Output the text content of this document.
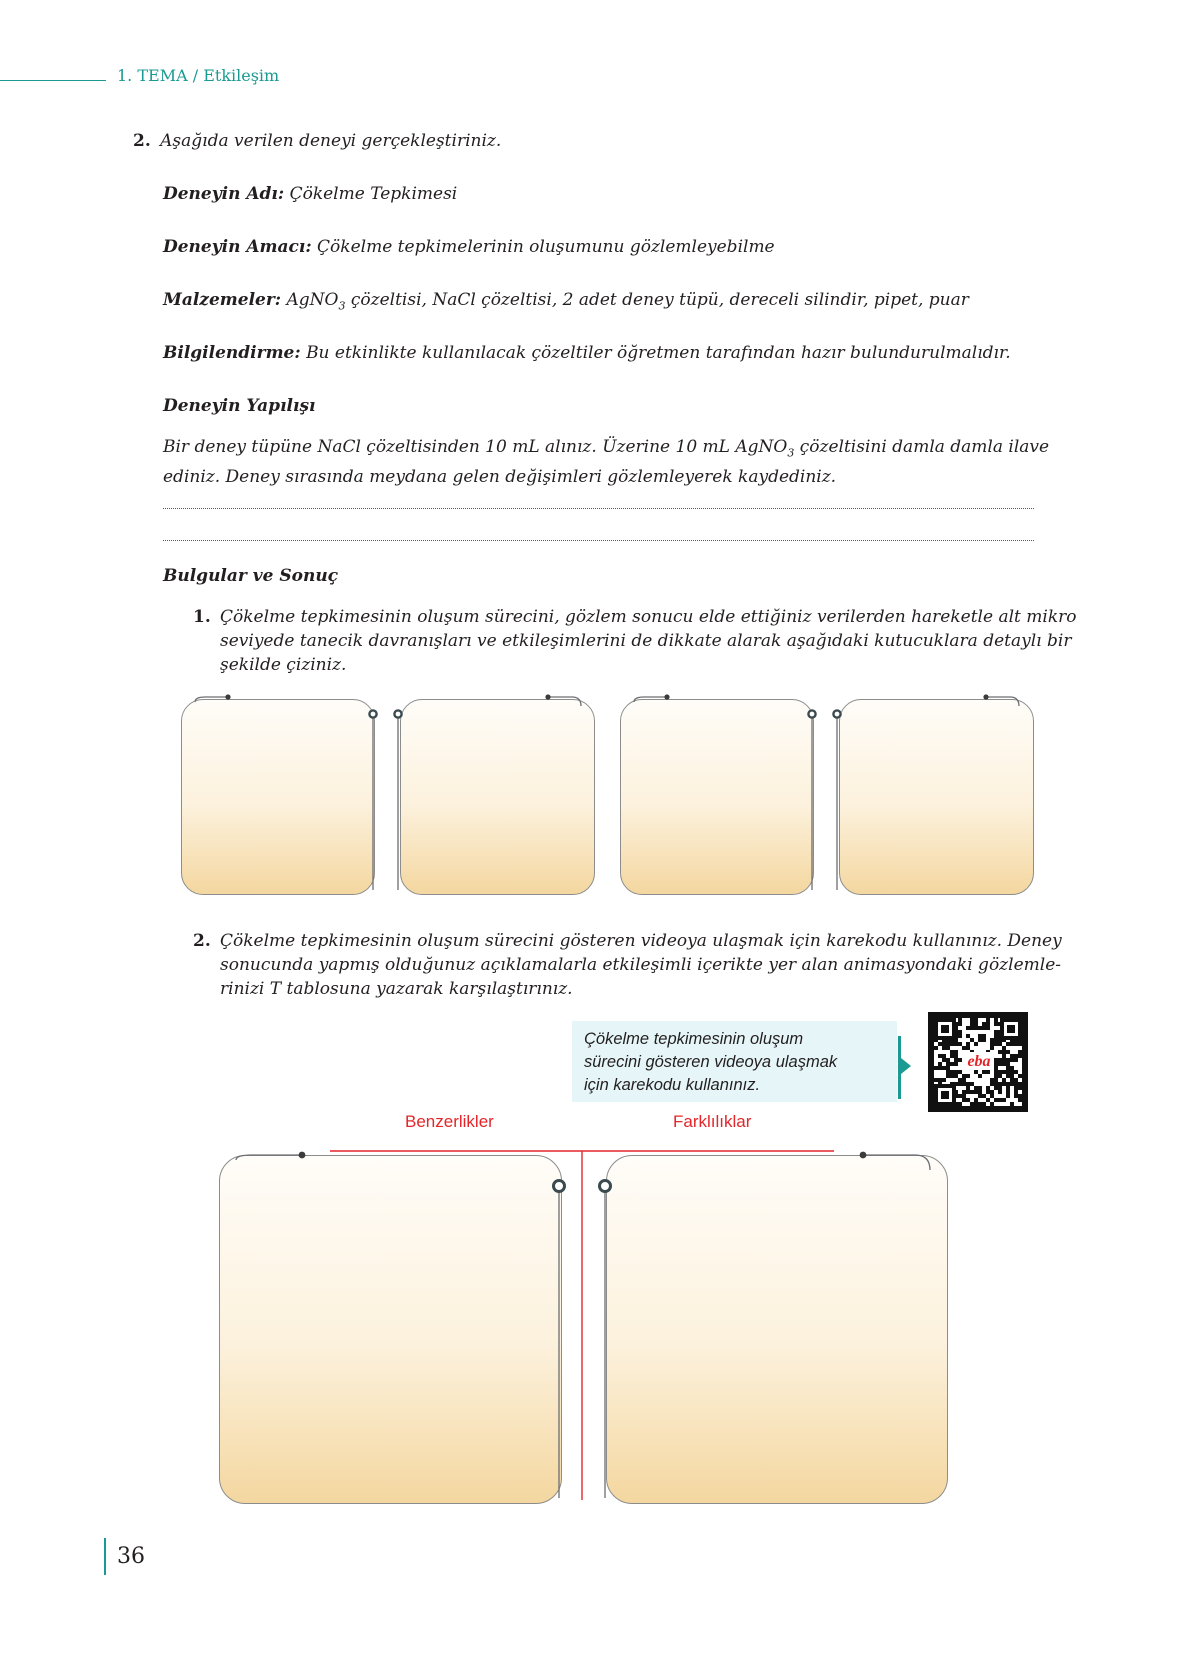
1. TEMA / Etkileşim
2. Aşağıda verilen deneyi gerçekleştiriniz.
Deneyin Adı: Çökelme Tepkimesi
Deneyin Amacı: Çökelme tepkimelerinin oluşumunu gözlemleyebilme
Malzemeler: AgNO$_3$ çözeltisi, NaCl çözeltisi, 2 adet deney tüpü, dereceli silindir, pipet, puar
Bilgilendirme: Bu etkinlikte kullanılacak çözeltiler öğretmen tarafından hazır bulundurulmalıdır.
Deneyin Yapılışı
Bir deney tüpüne NaCl çözeltisinden 10 mL alınız. Üzerine 10 mL AgNO$_3$ çözeltisini damla damla ilave
ediniz. Deney sırasında meydana gelen değişimleri gözlemleyerek kaydediniz.
Bulgular ve Sonuç
1. Çökelme tepkimesinin oluşum sürecini, gözlem sonucu elde ettiğiniz verilerden hareketle alt mikro
seviyede tanecik davranışları ve etkileşimlerini de dikkate alarak aşağıdaki kutucuklara detaylı bir
şekilde çiziniz.
2. Çökelme tepkimesinin oluşum sürecini gösteren videoya ulaşmak için karekodu kullanınız. Deney
sonucunda yapmış olduğunuz açıklamalarla etkileşimli içerikte yer alan animasyondaki gözlemle-
rinizi T tablosuna yazarak karşılaştırınız.
Çökelme tepkimesinin oluşum
sürecini gösteren videoya ulaşmak
için karekodu kullanınız.
eba
Benzerlikler	Farklılıklar
36
